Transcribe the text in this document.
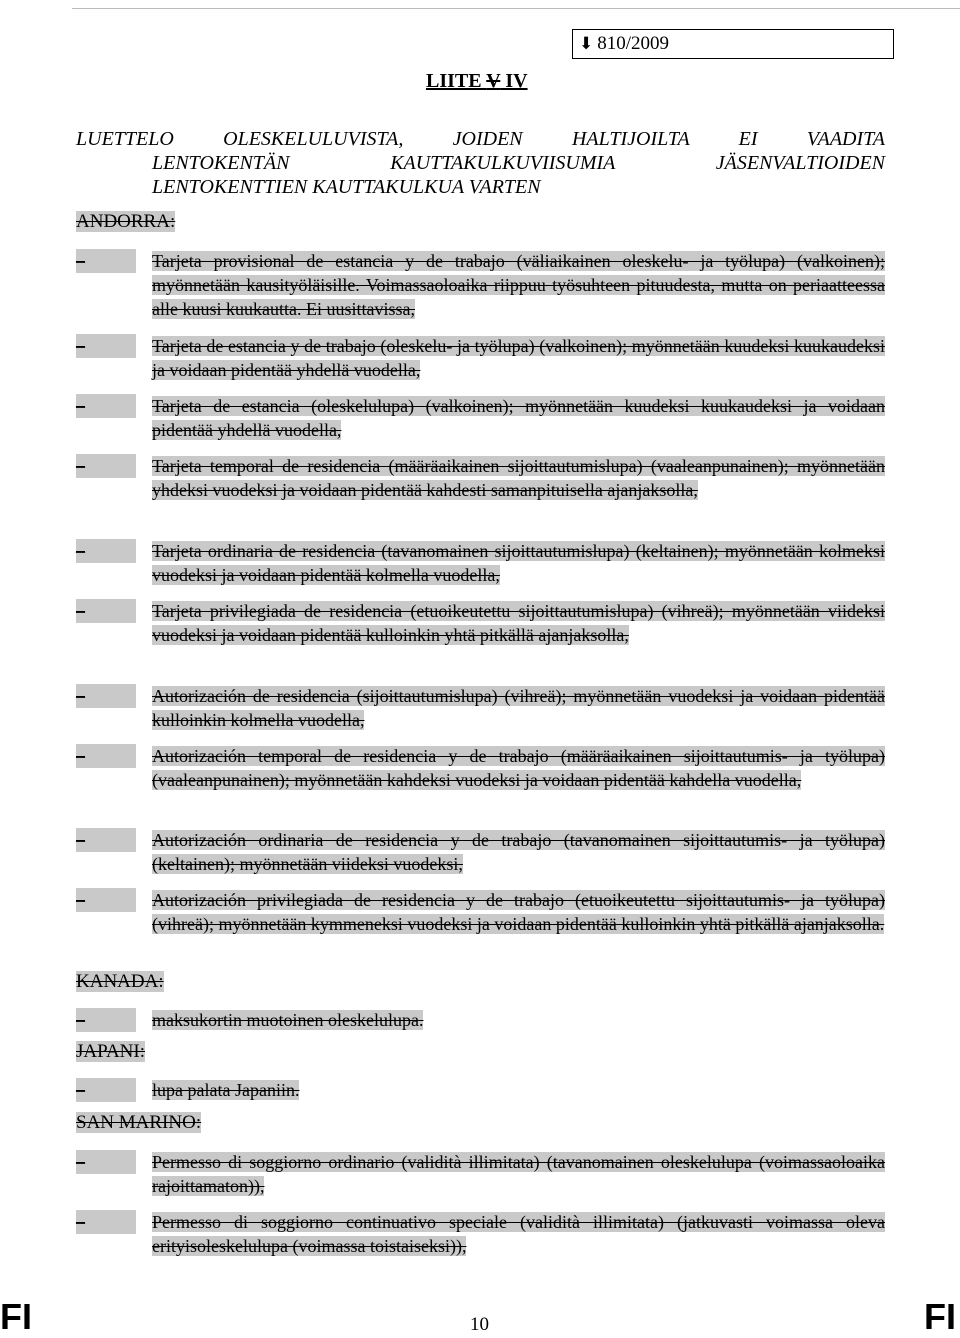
⬇ 810/2009
LIITE V IV
LUETTELO OLESKELULUVISTA, JOIDEN HALTIJOILTA EI VAADITA
LENTOKENTÄN KAUTTAKULKUVIISUMIA JÄSENVALTIOIDEN
LENTOKENTTIEN KAUTTAKULKUA VARTEN
ANDORRA:
–	Tarjeta provisional de estancia y de trabajo (väliaikainen oleskelu- ja työlupa) (valkoinen); myönnetään kausityöläisille. Voimassaoloaika riippuu työsuhteen pituudesta, mutta on periaatteessa alle kuusi kuukautta. Ei uusittavissa,
–	Tarjeta de estancia y de trabajo (oleskelu- ja työlupa) (valkoinen); myönnetään kuudeksi kuukaudeksi ja voidaan pidentää yhdellä vuodella,
–	Tarjeta de estancia (oleskelulupa) (valkoinen); myönnetään kuudeksi kuukaudeksi ja voidaan pidentää yhdellä vuodella,
–	Tarjeta temporal de residencia (määräaikainen sijoittautumislupa) (vaaleanpunainen); myönnetään yhdeksi vuodeksi ja voidaan pidentää kahdesti samanpituisella ajanjaksolla,
–	Tarjeta ordinaria de residencia (tavanomainen sijoittautumislupa) (keltainen); myönnetään kolmeksi vuodeksi ja voidaan pidentää kolmella vuodella,
–	Tarjeta privilegiada de residencia (etuoikeutettu sijoittautumislupa) (vihreä); myönnetään viideksi vuodeksi ja voidaan pidentää kulloinkin yhtä pitkällä ajanjaksolla,
–	Autorización de residencia (sijoittautumislupa) (vihreä); myönnetään vuodeksi ja voidaan pidentää kulloinkin kolmella vuodella,
–	Autorización temporal de residencia y de trabajo (määräaikainen sijoittautumis- ja työlupa) (vaaleanpunainen); myönnetään kahdeksi vuodeksi ja voidaan pidentää kahdella vuodella,
–	Autorización ordinaria de residencia y de trabajo (tavanomainen sijoittautumis- ja työlupa) (keltainen); myönnetään viideksi vuodeksi,
–	Autorización privilegiada de residencia y de trabajo (etuoikeutettu sijoittautumis- ja työlupa) (vihreä); myönnetään kymmeneksi vuodeksi ja voidaan pidentää kulloinkin yhtä pitkällä ajanjaksolla.
KANADA:
–	maksukortin muotoinen oleskelulupa.
JAPANI:
–	lupa palata Japaniin.
SAN MARINO:
–	Permesso di soggiorno ordinario (validità illimitata) (tavanomainen oleskelulupa (voimassaoloaika rajoittamaton)),
–	Permesso di soggiorno continuativo speciale (validità illimitata) (jatkuvasti voimassa oleva erityisoleskelulupa (voimassa toistaiseksi)),
FI	10	FI
